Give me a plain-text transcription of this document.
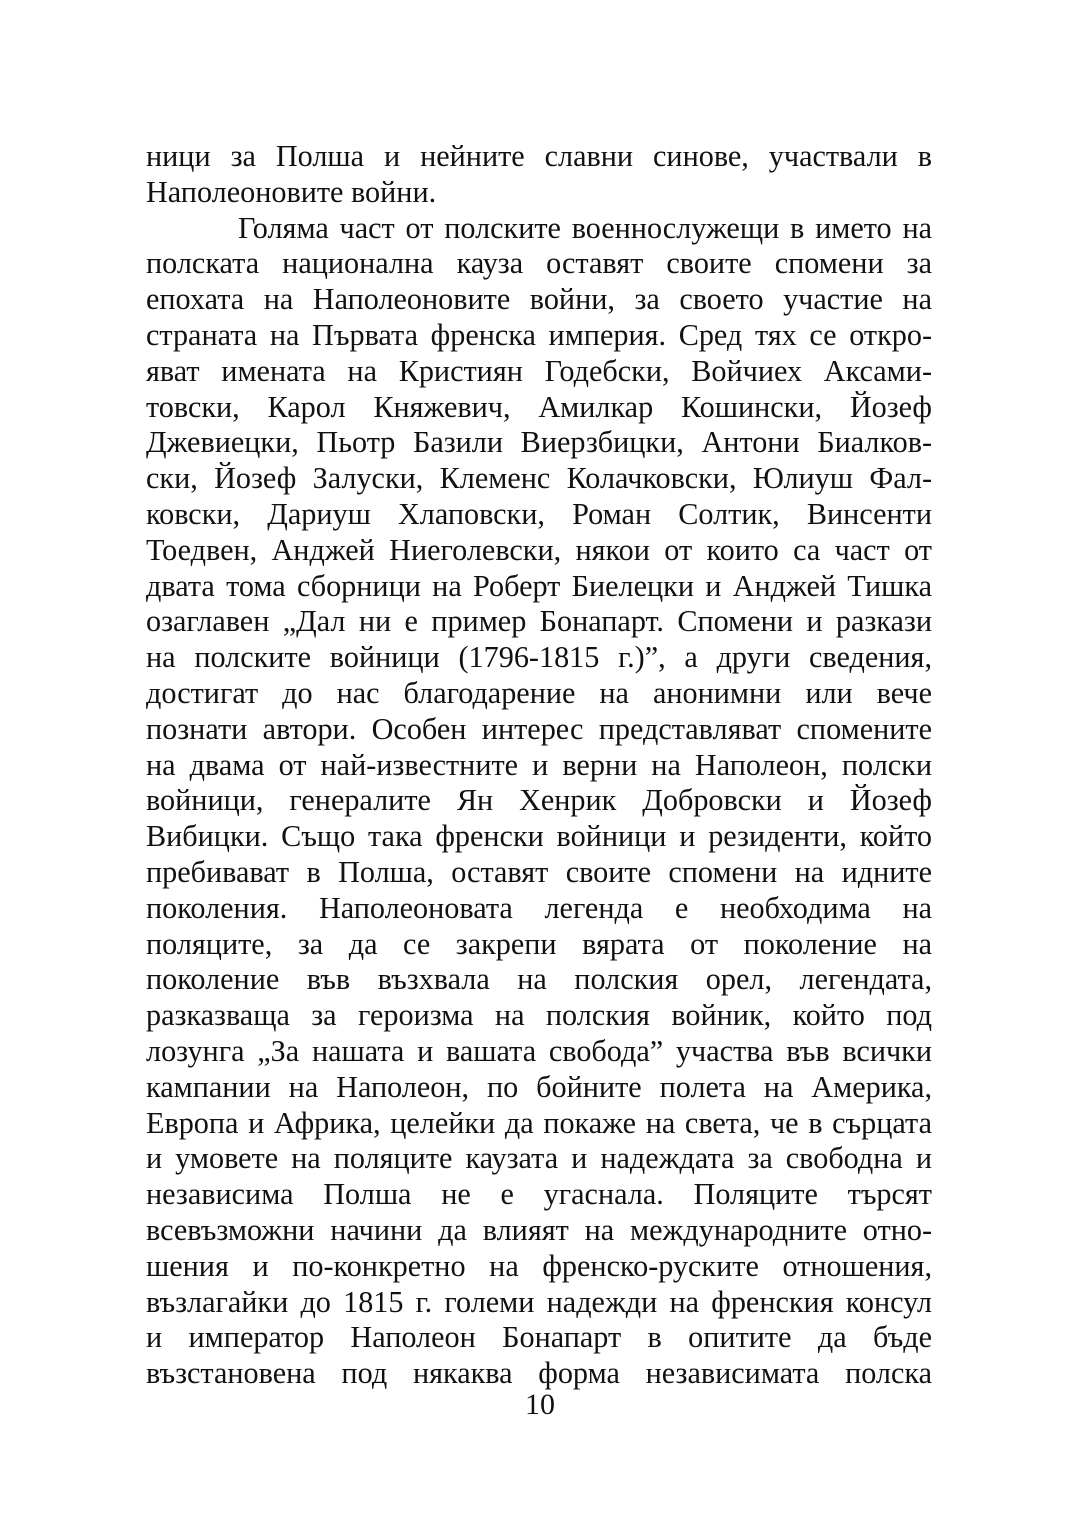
ници за Полша и нейните славни синове, участвали в
Наполеоновите войни.
Голяма част от полските военнослужещи в името на
полската национална кауза оставят своите спомени за
епохата на Наполеоновите войни, за своето участие на
страната на Първата френска империя. Сред тях се откро-
яват имената на Кристиян Годебски, Войчиех Аксами-
товски, Карол Княжевич, Амилкар Кошински, Йозеф
Джевиецки, Пьотр Базили Виерзбицки, Антони Биалков-
ски, Йозеф Залуски, Клеменс Колачковски, Юлиуш Фал-
ковски, Дариуш Хлаповски, Роман Солтик, Винсенти
Тоедвен, Анджей Ниеголевски, някои от които са част от
двата тома сборници на Роберт Биелецки и Анджей Тишка
озаглавен „Дал ни е пример Бонапарт. Спомени и разкази
на полските войници (1796-1815 г.)”, а други сведения,
достигат до нас благодарение на анонимни или вече
познати автори. Особен интерес представляват спомените
на двама от най-известните и верни на Наполеон, полски
войници, генералите Ян Хенрик Добровски и Йозеф
Вибицки. Също така френски войници и резиденти, който
пребивават в Полша, оставят своите спомени на идните
поколения. Наполеоновата легенда е необходима на
поляците, за да се закрепи вярата от поколение на
поколение във възхвала на полския орел, легендата,
разказваща за героизма на полския войник, който под
лозунга „За нашата и вашата свобода” участва във всички
кампании на Наполеон, по бойните полета на Америка,
Европа и Африка, целейки да покаже на света, че в сърцата
и умовете на поляците каузата и надеждата за свободна и
независима Полша не е угаснала. Поляците търсят
всевъзможни начини да влияят на международните отно-
шения и по-конкретно на френско-руските отношения,
възлагайки до 1815 г. големи надежди на френския консул
и император Наполеон Бонапарт в опитите да бъде
възстановена под някаква форма независимата полска

10
